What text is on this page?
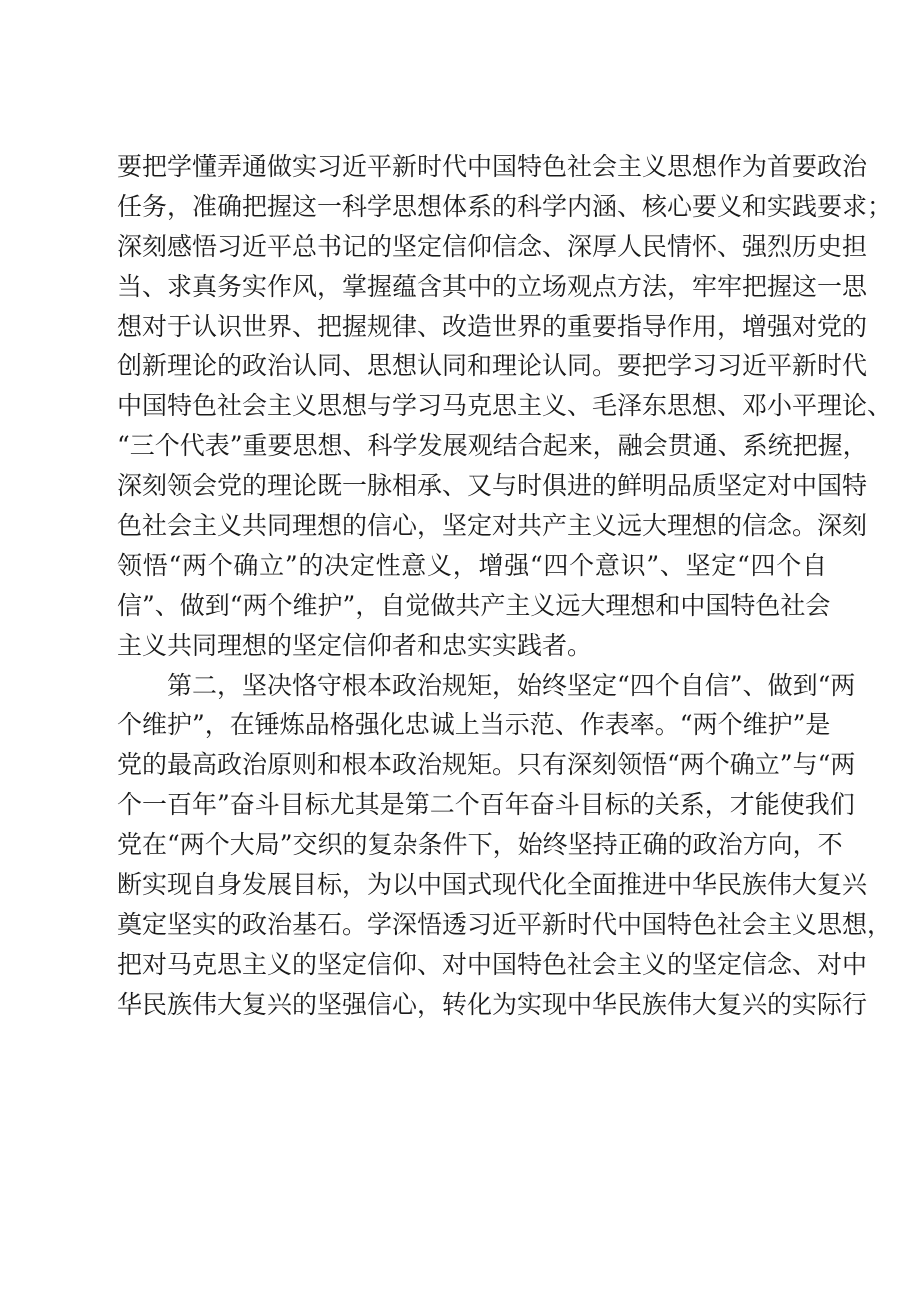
要把学懂弄通做实习近平新时代中国特色社会主义思想作为首要政治
任务，准确把握这一科学思想体系的科学内涵、核心要义和实践要求；
深刻感悟习近平总书记的坚定信仰信念、深厚人民情怀、强烈历史担
当、求真务实作风，掌握蕴含其中的立场观点方法，牢牢把握这一思
想对于认识世界、把握规律、改造世界的重要指导作用，增强对党的
创新理论的政治认同、思想认同和理论认同。要把学习习近平新时代
中国特色社会主义思想与学习马克思主义、毛泽东思想、邓小平理论、
“三个代表”重要思想、科学发展观结合起来，融会贯通、系统把握，
深刻领会党的理论既一脉相承、又与时俱进的鲜明品质坚定对中国特
色社会主义共同理想的信心，坚定对共产主义远大理想的信念。深刻
领悟“两个确立”的决定性意义，增强“四个意识”、坚定“四个自
信”、做到“两个维护”，自觉做共产主义远大理想和中国特色社会
主义共同理想的坚定信仰者和忠实实践者。
第二，坚决恪守根本政治规矩，始终坚定“四个自信”、做到“两
个维护”，在锤炼品格强化忠诚上当示范、作表率。“两个维护”是
党的最高政治原则和根本政治规矩。只有深刻领悟“两个确立”与“两
个一百年”奋斗目标尤其是第二个百年奋斗目标的关系，才能使我们
党在“两个大局”交织的复杂条件下，始终坚持正确的政治方向，不
断实现自身发展目标，为以中国式现代化全面推进中华民族伟大复兴
奠定坚实的政治基石。学深悟透习近平新时代中国特色社会主义思想，
把对马克思主义的坚定信仰、对中国特色社会主义的坚定信念、对中
华民族伟大复兴的坚强信心，转化为实现中华民族伟大复兴的实际行
